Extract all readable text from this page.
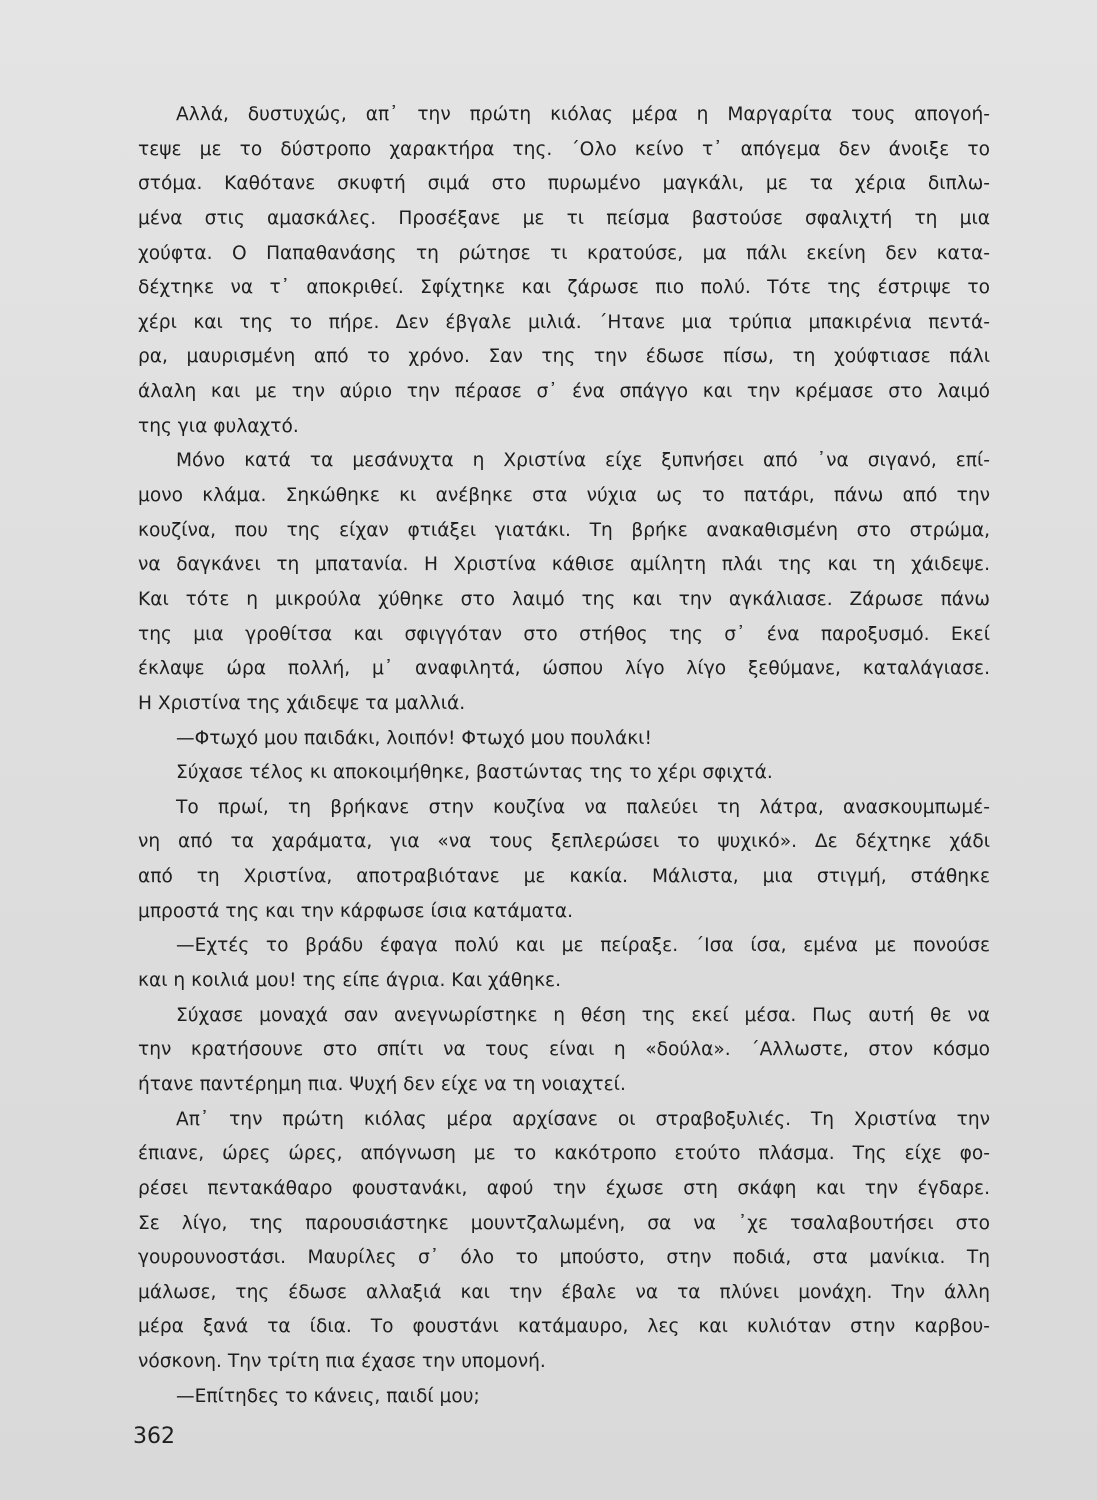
Αλλά, δυστυχώς, απ᾽ την πρώτη κιόλας μέρα η Μαργαρίτα τους απογοή-
τεψε με το δύστροπο χαρακτήρα της. ΄Ολο κείνο τ᾽ απόγεμα δεν άνοιξε το
στόμα. Καθότανε σκυφτή σιμά στο πυρωμένο μαγκάλι, με τα χέρια διπλω-
μένα στις αμασκάλες. Προσέξανε με τι πείσμα βαστούσε σφαλιχτή τη μια
χούφτα. Ο Παπαθανάσης τη ρώτησε τι κρατούσε, μα πάλι εκείνη δεν κατα-
δέχτηκε να τ᾽ αποκριθεί. Σφίχτηκε και ζάρωσε πιο πολύ. Τότε της έστριψε το
χέρι και της το πήρε. Δεν έβγαλε μιλιά. ΄Ητανε μια τρύπια μπακιρένια πεντά-
ρα, μαυρισμένη από το χρόνο. Σαν της την έδωσε πίσω, τη χούφτιασε πάλι
άλαλη και με την αύριο την πέρασε σ᾽ ένα σπάγγο και την κρέμασε στο λαιμό
της για φυλαχτό.
Μόνο κατά τα μεσάνυχτα η Χριστίνα είχε ξυπνήσει από ᾽να σιγανό, επί-
μονο κλάμα. Σηκώθηκε κι ανέβηκε στα νύχια ως το πατάρι, πάνω από την
κουζίνα, που της είχαν φτιάξει γιατάκι. Τη βρήκε ανακαθισμένη στο στρώμα,
να δαγκάνει τη μπατανία. Η Χριστίνα κάθισε αμίλητη πλάι της και τη χάιδεψε.
Και τότε η μικρούλα χύθηκε στο λαιμό της και την αγκάλιασε. Ζάρωσε πάνω
της μια γροθίτσα και σφιγγόταν στο στήθος της σ᾽ ένα παροξυσμό. Εκεί
έκλαψε ώρα πολλή, μ᾽ αναφιλητά, ώσπου λίγο λίγο ξεθύμανε, καταλάγιασε.
Η Χριστίνα της χάιδεψε τα μαλλιά.
—Φτωχό μου παιδάκι, λοιπόν! Φτωχό μου πουλάκι!
Σύχασε τέλος κι αποκοιμήθηκε, βαστώντας της το χέρι σφιχτά.
Το πρωί, τη βρήκανε στην κουζίνα να παλεύει τη λάτρα, ανασκουμπωμέ-
νη από τα χαράματα, για «να τους ξεπλερώσει το ψυχικό». Δε δέχτηκε χάδι
από τη Χριστίνα, αποτραβιότανε με κακία. Μάλιστα, μια στιγμή, στάθηκε
μπροστά της και την κάρφωσε ίσια κατάματα.
—Εχτές το βράδυ έφαγα πολύ και με πείραξε. ΄Ισα ίσα, εμένα με πονούσε
και η κοιλιά μου! της είπε άγρια. Και χάθηκε.
Σύχασε μοναχά σαν ανεγνωρίστηκε η θέση της εκεί μέσα. Πως αυτή θε να
την κρατήσουνε στο σπίτι να τους είναι η «δούλα». ΄Αλλωστε, στον κόσμο
ήτανε παντέρημη πια. Ψυχή δεν είχε να τη νοιαχτεί.
Απ᾽ την πρώτη κιόλας μέρα αρχίσανε οι στραβοξυλιές. Τη Χριστίνα την
έπιανε, ώρες ώρες, απόγνωση με το κακότροπο ετούτο πλάσμα. Της είχε φο-
ρέσει πεντακάθαρο φουστανάκι, αφού την έχωσε στη σκάφη και την έγδαρε.
Σε λίγο, της παρουσιάστηκε μουντζαλωμένη, σα να ᾽χε τσαλαβουτήσει στο
γουρουνοστάσι. Μαυρίλες σ᾽ όλο το μπούστο, στην ποδιά, στα μανίκια. Τη
μάλωσε, της έδωσε αλλαξιά και την έβαλε να τα πλύνει μονάχη. Την άλλη
μέρα ξανά τα ίδια. Το φουστάνι κατάμαυρο, λες και κυλιόταν στην καρβου-
νόσκονη. Την τρίτη πια έχασε την υπομονή.
—Επίτηδες το κάνεις, παιδί μου;
362
